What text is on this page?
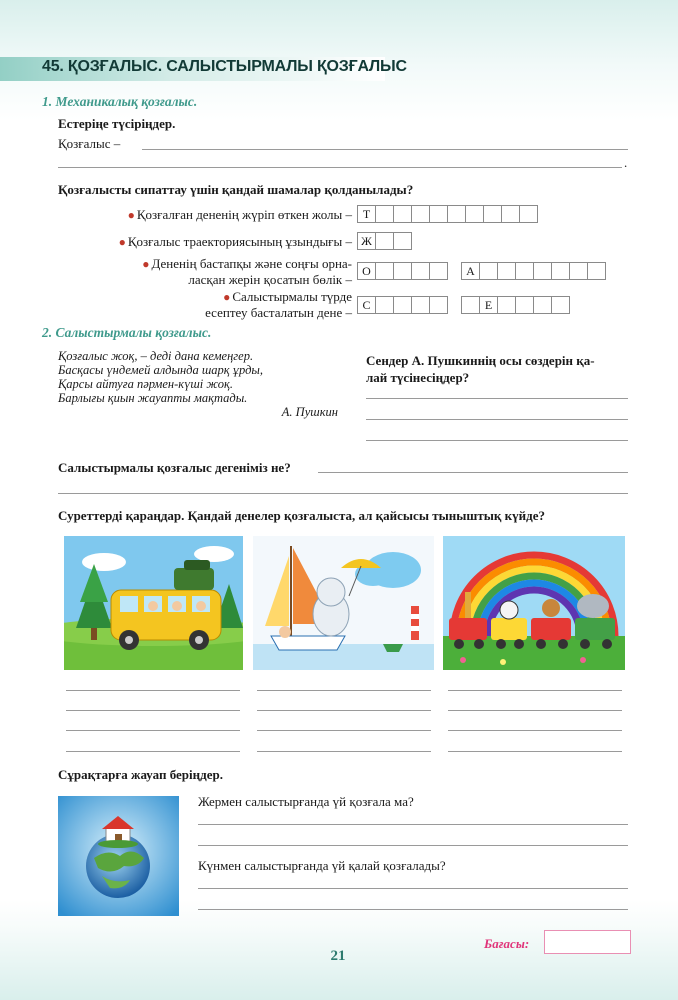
45. ҚОЗҒАЛЫС. САЛЫСТЫРМАЛЫ ҚОЗҒАЛЫС
1. Механикалық қозғалыс.
Естеріңе түсіріңдер.
Қозғалыс –
.
Қозғалысты сипаттау үшін қандай шамалар қолданылады?
● Қозғалған дененің жүріп өткен жолы – Т
● Қозғалыс траекториясының ұзындығы – Ж
● Дененің бастапқы және соңғы орна-
ласқан жерін қосатын бөлік –
О	А
● Салыстырмалы түрде
есептеу басталатын дене – С	Е
2. Салыстырмалы қозғалыс.
Қозғалыс жоқ, – деді дана кемеңгер.
Басқасы үндемей алдында шарқ ұрды,
Қарсы айтуға пәрмен-күші жоқ.
Барлығы қиын жауапты мақтады.
А. Пушкин
Сендер А. Пушкиннің осы сөздерін қа-
лай түсінесіңдер?
Салыстырмалы қозғалыс дегеніміз не?
Суреттерді қараңдар. Қандай денелер қозғалыста, ал қайсысы тыныштық күйде?
Сұрақтарға жауап беріңдер.
Жермен салыстырғанда үй қозғала ма?
Күнмен салыстырғанда үй қалай қозғалады?
Бағасы:
21
